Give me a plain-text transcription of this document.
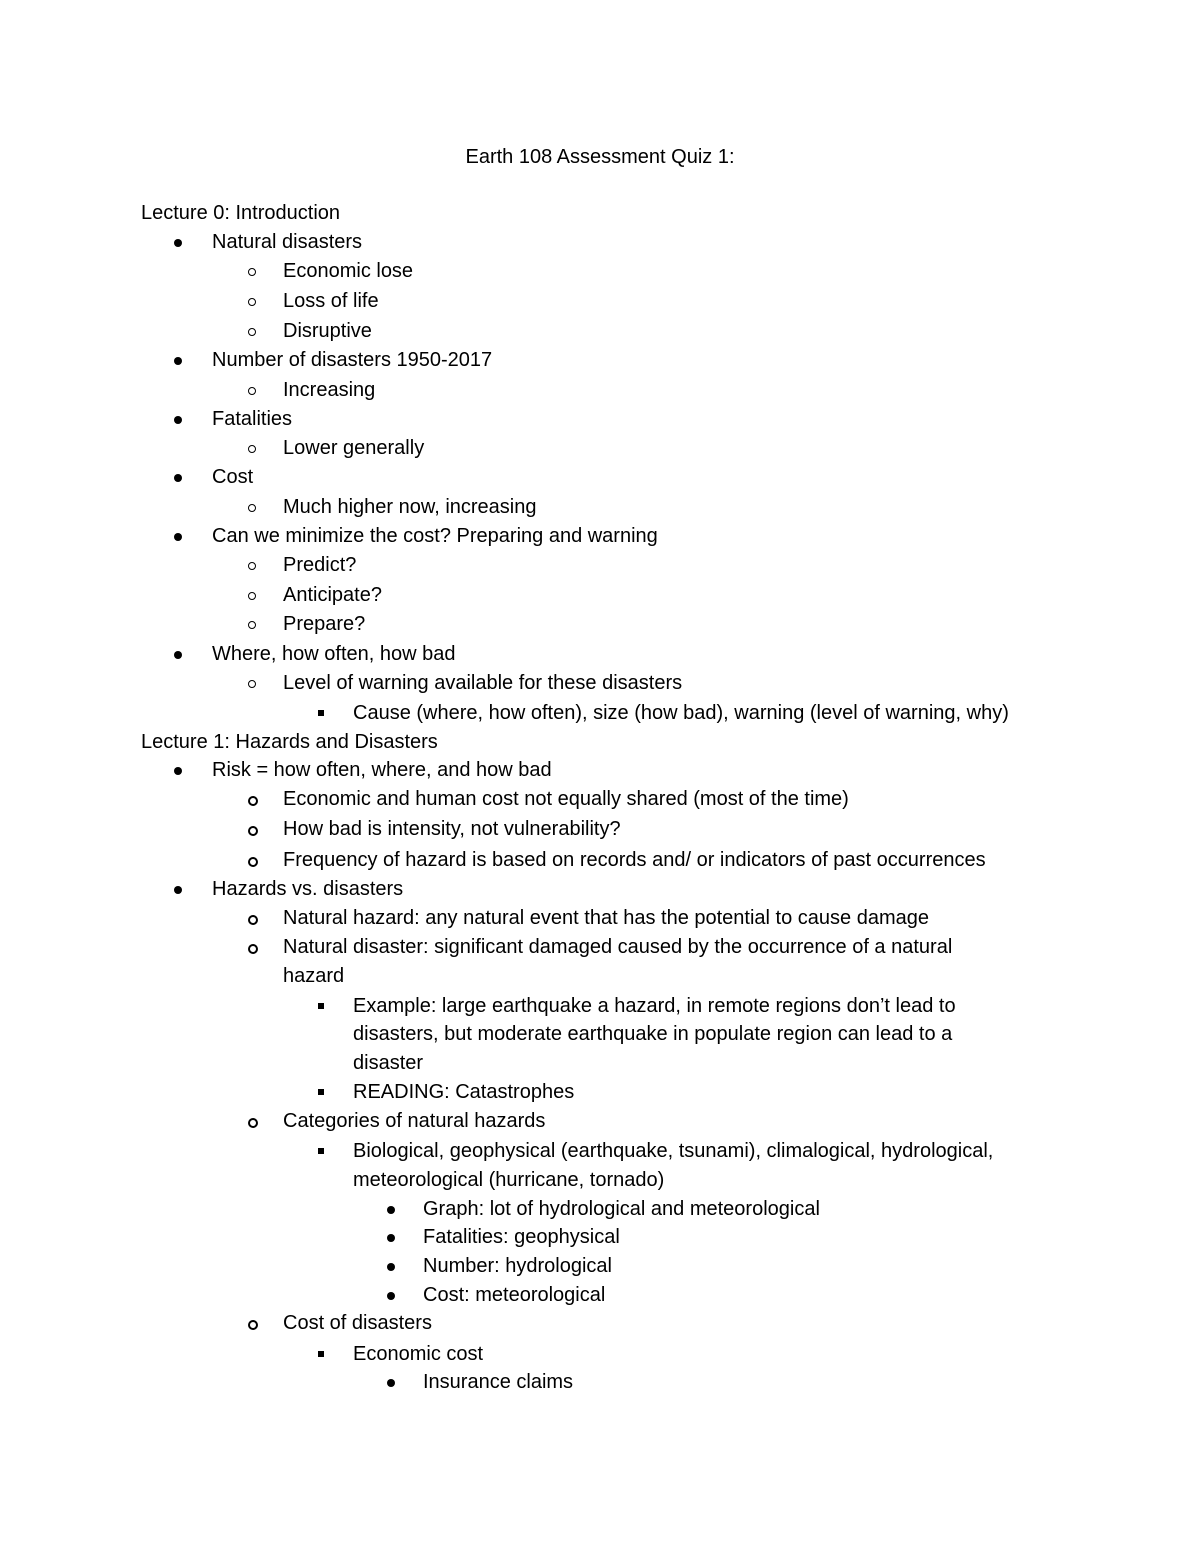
Earth 108 Assessment Quiz 1:
Lecture 0: Introduction
Natural disasters
Economic lose
Loss of life
Disruptive
Number of disasters 1950-2017
Increasing
Fatalities
Lower generally
Cost
Much higher now, increasing
Can we minimize the cost? Preparing and warning
Predict?
Anticipate?
Prepare?
Where, how often, how bad
Level of warning available for these disasters
Cause (where, how often), size (how bad), warning (level of warning, why)
Lecture 1: Hazards and Disasters
Risk = how often, where, and how bad
Economic and human cost not equally shared (most of the time)
How bad is intensity, not vulnerability?
Frequency of hazard is based on records and/ or indicators of past occurrences
Hazards vs. disasters
Natural hazard: any natural event that has the potential to cause damage
Natural disaster: significant damaged caused by the occurrence of a natural
hazard
Example: large earthquake a hazard, in remote regions don’t lead to
disasters, but moderate earthquake in populate region can lead to a
disaster
READING: Catastrophes
Categories of natural hazards
Biological, geophysical (earthquake, tsunami), climalogical, hydrological,
meteorological (hurricane, tornado)
Graph: lot of hydrological and meteorological
Fatalities: geophysical
Number: hydrological
Cost: meteorological
Cost of disasters
Economic cost
Insurance claims
